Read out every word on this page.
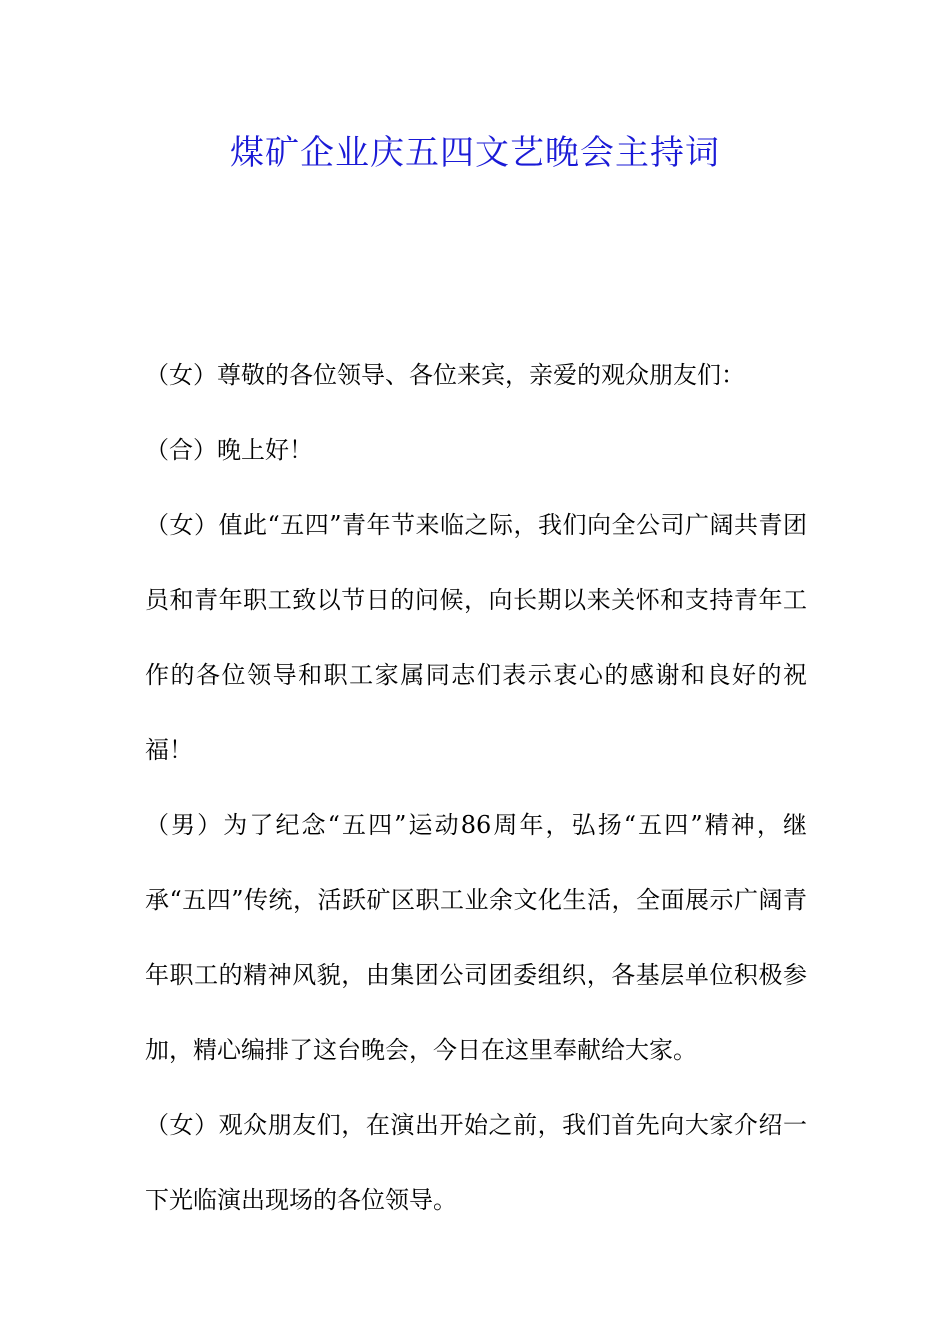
煤矿企业庆五四文艺晚会主持词

（女）尊敬的各位领导、各位来宾，亲爱的观众朋友们：

（合）晚上好！

（女）值此“五四”青年节来临之际，我们向全公司广阔共青团员和青年职工致以节日的问候，向长期以来关怀和支持青年工作的各位领导和职工家属同志们表示衷心的感谢和良好的祝福！

（男）为了纪念“五四”运动86周年，弘扬“五四”精神，继承“五四”传统，活跃矿区职工业余文化生活，全面展示广阔青年职工的精神风貌，由集团公司团委组织，各基层单位积极参加，精心编排了这台晚会，今日在这里奉献给大家。

（女）观众朋友们，在演出开始之前，我们首先向大家介绍一下光临演出现场的各位领导。
